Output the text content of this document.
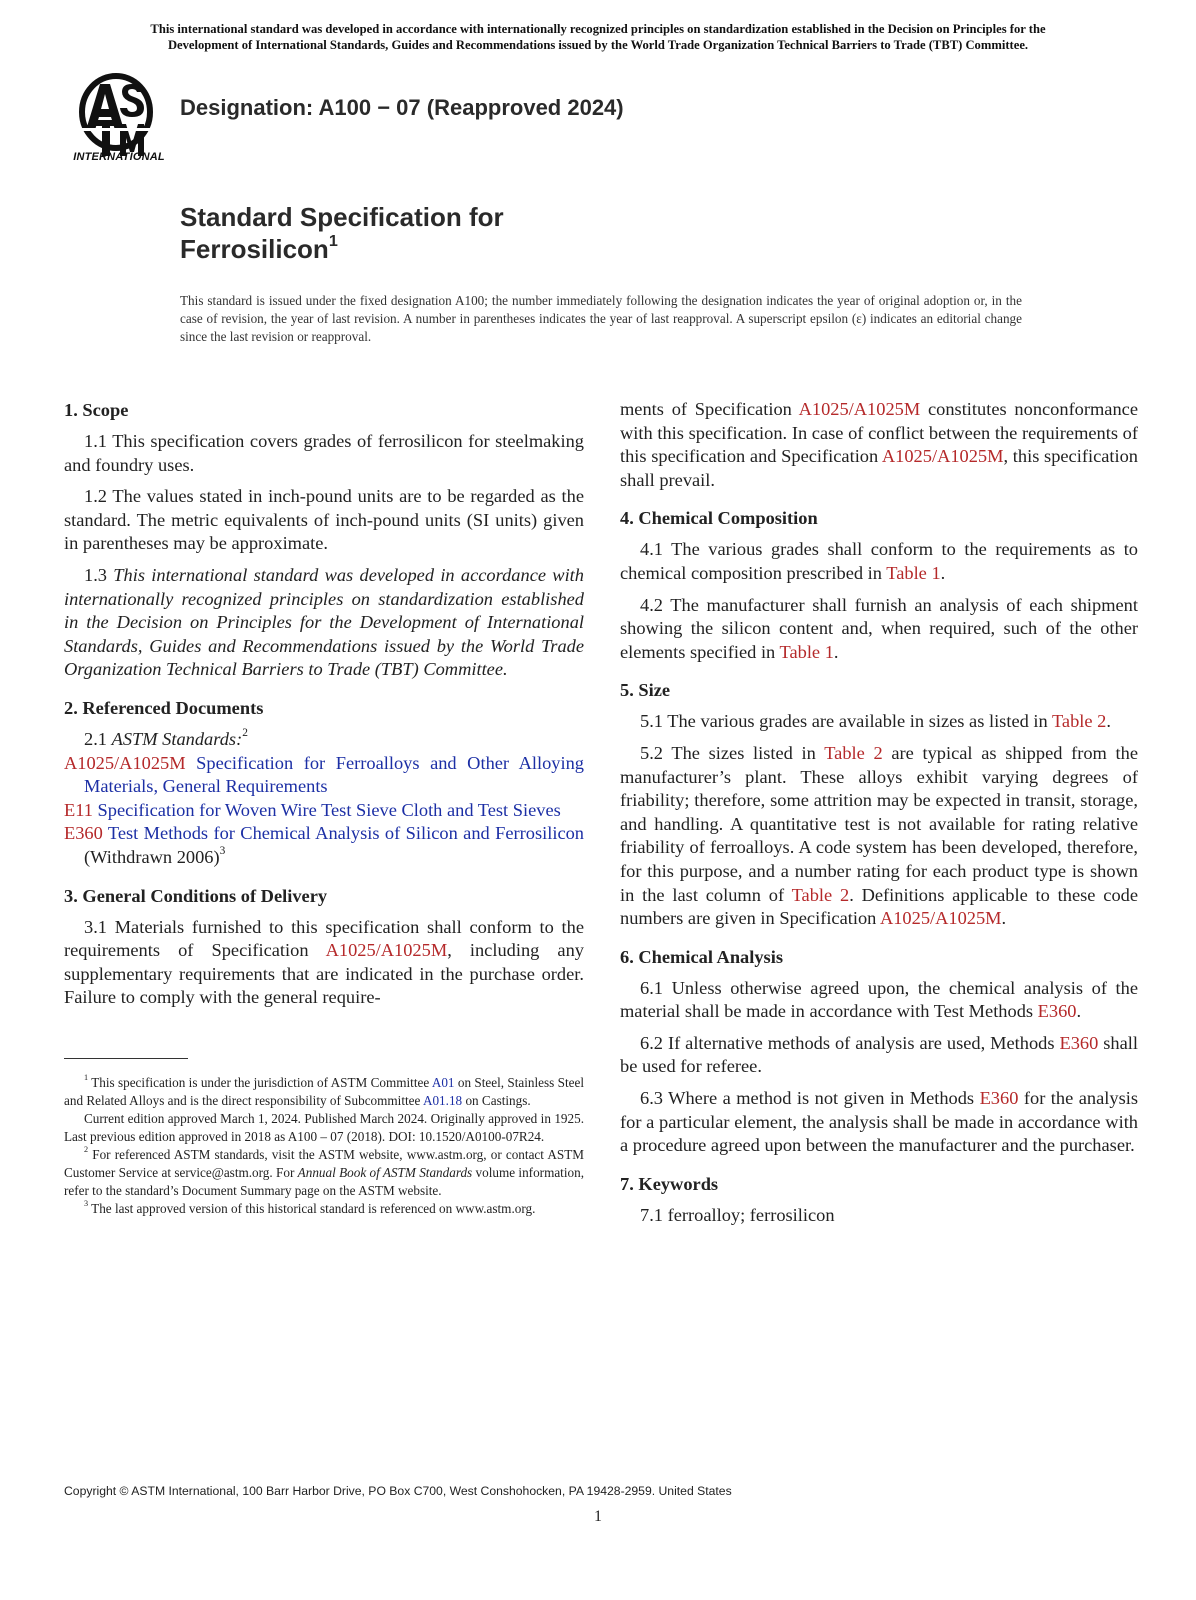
This international standard was developed in accordance with internationally recognized principles on standardization established in the Decision on Principles for the
Development of International Standards, Guides and Recommendations issued by the World Trade Organization Technical Barriers to Trade (TBT) Committee.
INTERNATIONAL
Designation: A100 − 07 (Reapproved 2024)
Standard Specification for
Ferrosilicon$^1$
This standard is issued under the fixed designation A100; the number immediately following the designation indicates the year of original adoption or, in the case of revision, the year of last revision. A number in parentheses indicates the year of last reapproval. A superscript epsilon (ε) indicates an editorial change since the last revision or reapproval.
1. Scope

1.1 This specification covers grades of ferrosilicon for steelmaking and foundry uses.

1.2 The values stated in inch-pound units are to be regarded as the standard. The metric equivalents of inch-pound units (SI units) given in parentheses may be approximate.

1.3 This international standard was developed in accordance with internationally recognized principles on standardization established in the Decision on Principles for the Development of International Standards, Guides and Recommendations issued by the World Trade Organization Technical Barriers to Trade (TBT) Committee.

2. Referenced Documents

2.1 ASTM Standards:$^2$

A1025/A1025M Specification for Ferroalloys and Other Alloying Materials, General Requirements

E11 Specification for Woven Wire Test Sieve Cloth and Test Sieves

E360 Test Methods for Chemical Analysis of Silicon and Ferrosilicon (Withdrawn 2006)$^3$

3. General Conditions of Delivery

3.1 Materials furnished to this specification shall conform to the requirements of Specification A1025/A1025M, including any supplementary requirements that are indicated in the purchase order. Failure to comply with the general require-

$^1$ This specification is under the jurisdiction of ASTM Committee A01 on Steel, Stainless Steel and Related Alloys and is the direct responsibility of Subcommittee A01.18 on Castings.

Current edition approved March 1, 2024. Published March 2024. Originally approved in 1925. Last previous edition approved in 2018 as A100 – 07 (2018). DOI: 10.1520/A0100-07R24.

$^2$ For referenced ASTM standards, visit the ASTM website, www.astm.org, or contact ASTM Customer Service at service@astm.org. For Annual Book of ASTM Standards volume information, refer to the standard’s Document Summary page on the ASTM website.

$^3$ The last approved version of this historical standard is referenced on www.astm.org.

ments of Specification A1025/A1025M constitutes nonconformance with this specification. In case of conflict between the requirements of this specification and Specification A1025/A1025M, this specification shall prevail.

4. Chemical Composition

4.1 The various grades shall conform to the requirements as to chemical composition prescribed in Table 1.

4.2 The manufacturer shall furnish an analysis of each shipment showing the silicon content and, when required, such of the other elements specified in Table 1.

5. Size

5.1 The various grades are available in sizes as listed in Table 2.

5.2 The sizes listed in Table 2 are typical as shipped from the manufacturer’s plant. These alloys exhibit varying degrees of friability; therefore, some attrition may be expected in transit, storage, and handling. A quantitative test is not available for rating relative friability of ferroalloys. A code system has been developed, therefore, for this purpose, and a number rating for each product type is shown in the last column of Table 2. Definitions applicable to these code numbers are given in Specification A1025/A1025M.

6. Chemical Analysis

6.1 Unless otherwise agreed upon, the chemical analysis of the material shall be made in accordance with Test Methods E360.

6.2 If alternative methods of analysis are used, Methods E360 shall be used for referee.

6.3 Where a method is not given in Methods E360 for the analysis for a particular element, the analysis shall be made in accordance with a procedure agreed upon between the manufacturer and the purchaser.

7. Keywords

7.1 ferroalloy; ferrosilicon

Copyright © ASTM International, 100 Barr Harbor Drive, PO Box C700, West Conshohocken, PA 19428-2959. United States
1
